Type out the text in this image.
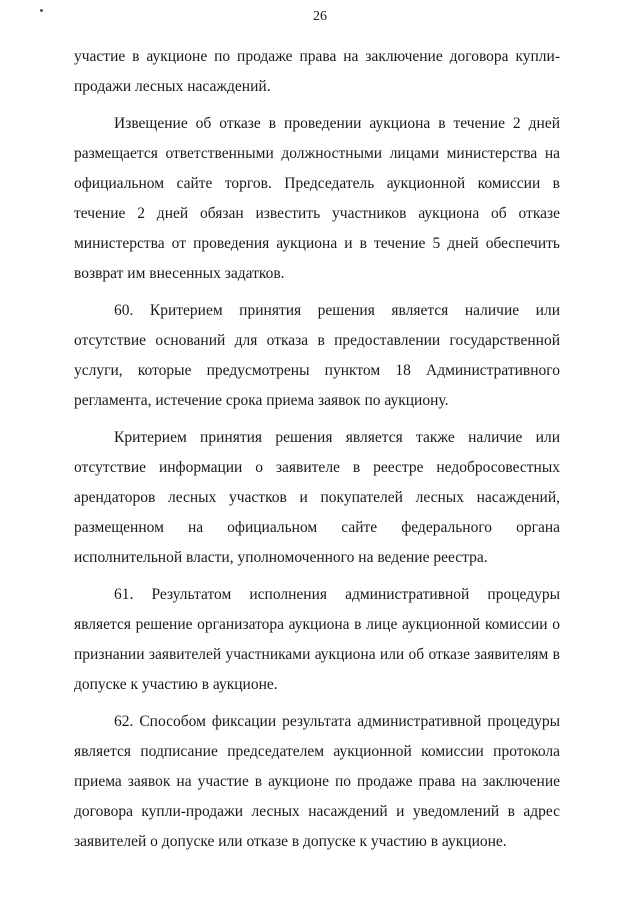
26

участие в аукционе по продаже права на заключение договора купли-продажи лесных насаждений.

Извещение об отказе в проведении аукциона в течение 2 дней размещается ответственными должностными лицами министерства на официальном сайте торгов. Председатель аукционной комиссии в течение 2 дней обязан известить участников аукциона об отказе министерства от проведения аукциона и в течение 5 дней обеспечить возврат им внесенных задатков.

60. Критерием принятия решения является наличие или отсутствие оснований для отказа в предоставлении государственной услуги, которые предусмотрены пунктом 18 Административного регламента, истечение срока приема заявок по аукциону.

Критерием принятия решения является также наличие или отсутствие информации о заявителе в реестре недобросовестных арендаторов лесных участков и покупателей лесных насаждений, размещенном на официальном сайте федерального органа исполнительной власти, уполномоченного на ведение реестра.

61. Результатом исполнения административной процедуры является решение организатора аукциона в лице аукционной комиссии о признании заявителей участниками аукциона или об отказе заявителям в допуске к участию в аукционе.

62. Способом фиксации результата административной процедуры является подписание председателем аукционной комиссии протокола приема заявок на участие в аукционе по продаже права на заключение договора купли-продажи лесных насаждений и уведомлений в адрес заявителей о допуске или отказе в допуске к участию в аукционе.
